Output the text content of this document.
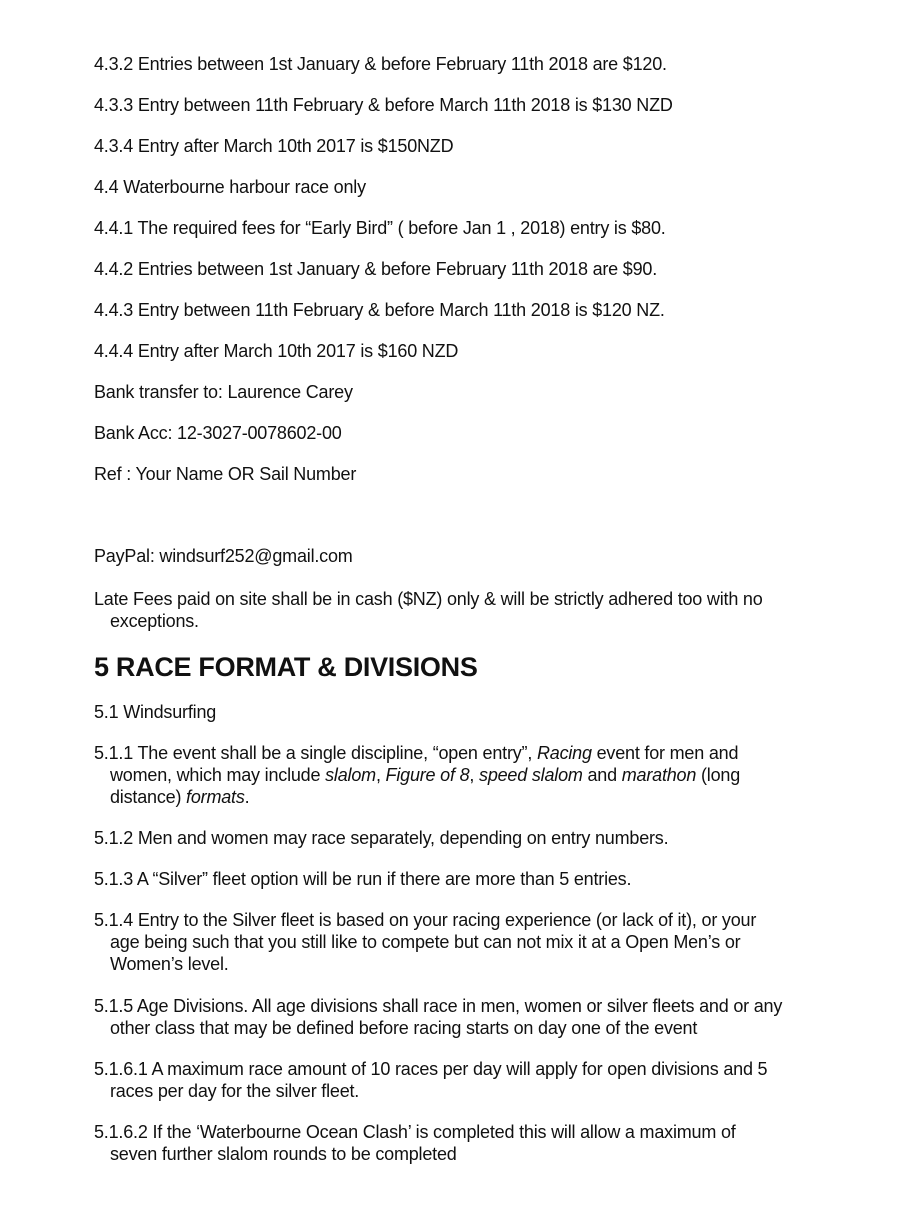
4.3.2 Entries between 1st January & before February 11th 2018 are $120.
4.3.3 Entry between 11th February & before March 11th 2018 is $130 NZD
4.3.4 Entry after March 10th 2017 is $150NZD
4.4 Waterbourne harbour race only
4.4.1 The required fees for “Early Bird” ( before Jan 1 , 2018) entry is $80.
4.4.2 Entries between 1st January & before February 11th 2018 are $90.
4.4.3 Entry between 11th February & before March 11th 2018 is $120 NZ.
4.4.4 Entry after March 10th 2017 is $160 NZD
Bank transfer to: Laurence Carey
Bank Acc: 12-3027-0078602-00
Ref : Your Name OR Sail Number
PayPal: windsurf252@gmail.com
Late Fees paid on site shall be in cash ($NZ) only & will be strictly adhered too with no
exceptions.
5 RACE FORMAT & DIVISIONS
5.1 Windsurfing
5.1.1 The event shall be a single discipline, “open entry”, Racing event for men and
women, which may include slalom, Figure of 8, speed slalom and marathon (long
distance) formats.
5.1.2 Men and women may race separately, depending on entry numbers.
5.1.3 A “Silver” fleet option will be run if there are more than 5 entries.
5.1.4 Entry to the Silver fleet is based on your racing experience (or lack of it), or your
age being such that you still like to compete but can not mix it at a Open Men’s or
Women’s level.
5.1.5 Age Divisions. All age divisions shall race in men, women or silver fleets and or any
other class that may be defined before racing starts on day one of the event
5.1.6.1 A maximum race amount of 10 races per day will apply for open divisions and 5
races per day for the silver fleet.
5.1.6.2 If the ‘Waterbourne Ocean Clash’ is completed this will allow a maximum of
seven further slalom rounds to be completed
